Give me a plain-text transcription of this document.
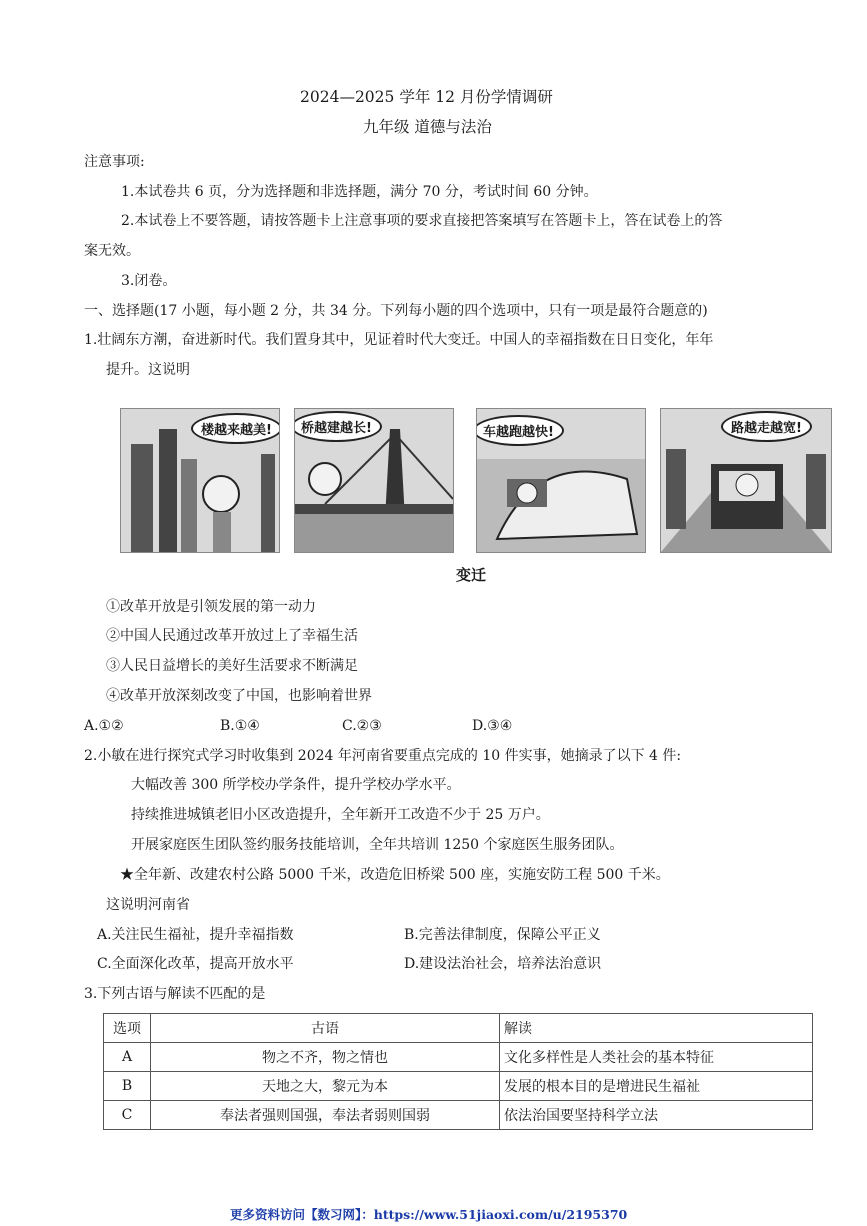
2024—2025 学年 12 月份学情调研
九年级 道德与法治
注意事项:
1.本试卷共 6 页，分为选择题和非选择题，满分 70 分，考试时间 60 分钟。
2.本试卷上不要答题，请按答题卡上注意事项的要求直接把答案填写在答题卡上，答在试卷上的答
案无效。
3.闭卷。
一、选择题(17 小题，每小题 2 分，共 34 分。下列每小题的四个选项中，只有一项是最符合题意的)
1.壮阔东方潮，奋进新时代。我们置身其中，见证着时代大变迁。中国人的幸福指数在日日变化，年年
提升。这说明
楼越来越美!	桥越建越长!	车越跑越快!	路越走越宽!
变迁
①改革开放是引领发展的第一动力
②中国人民通过改革开放过上了幸福生活
③人民日益增长的美好生活要求不断满足
④改革开放深刻改变了中国，也影响着世界
A.①②	B.①④	C.②③	D.③④
2.小敏在进行探究式学习时收集到 2024 年河南省要重点完成的 10 件实事，她摘录了以下 4 件:
大幅改善 300 所学校办学条件，提升学校办学水平。
持续推进城镇老旧小区改造提升，全年新开工改造不少于 25 万户。
开展家庭医生团队签约服务技能培训，全年共培训 1250 个家庭医生服务团队。
★全年新、改建农村公路 5000 千米，改造危旧桥梁 500 座，实施安防工程 500 千米。
这说明河南省
A.关注民生福祉，提升幸福指数	B.完善法律制度，保障公平正义
C.全面深化改革，提高开放水平	D.建设法治社会，培养法治意识
3.下列古语与解读不匹配的是
选项	古语	解读
A	物之不齐，物之情也	文化多样性是人类社会的基本特征
B	天地之大，黎元为本	发展的根本目的是增进民生福祉
C	奉法者强则国强，奉法者弱则国弱	依法治国要坚持科学立法
更多资料访问【数习网】：https://www.51jiaoxi.com/u/2195370
